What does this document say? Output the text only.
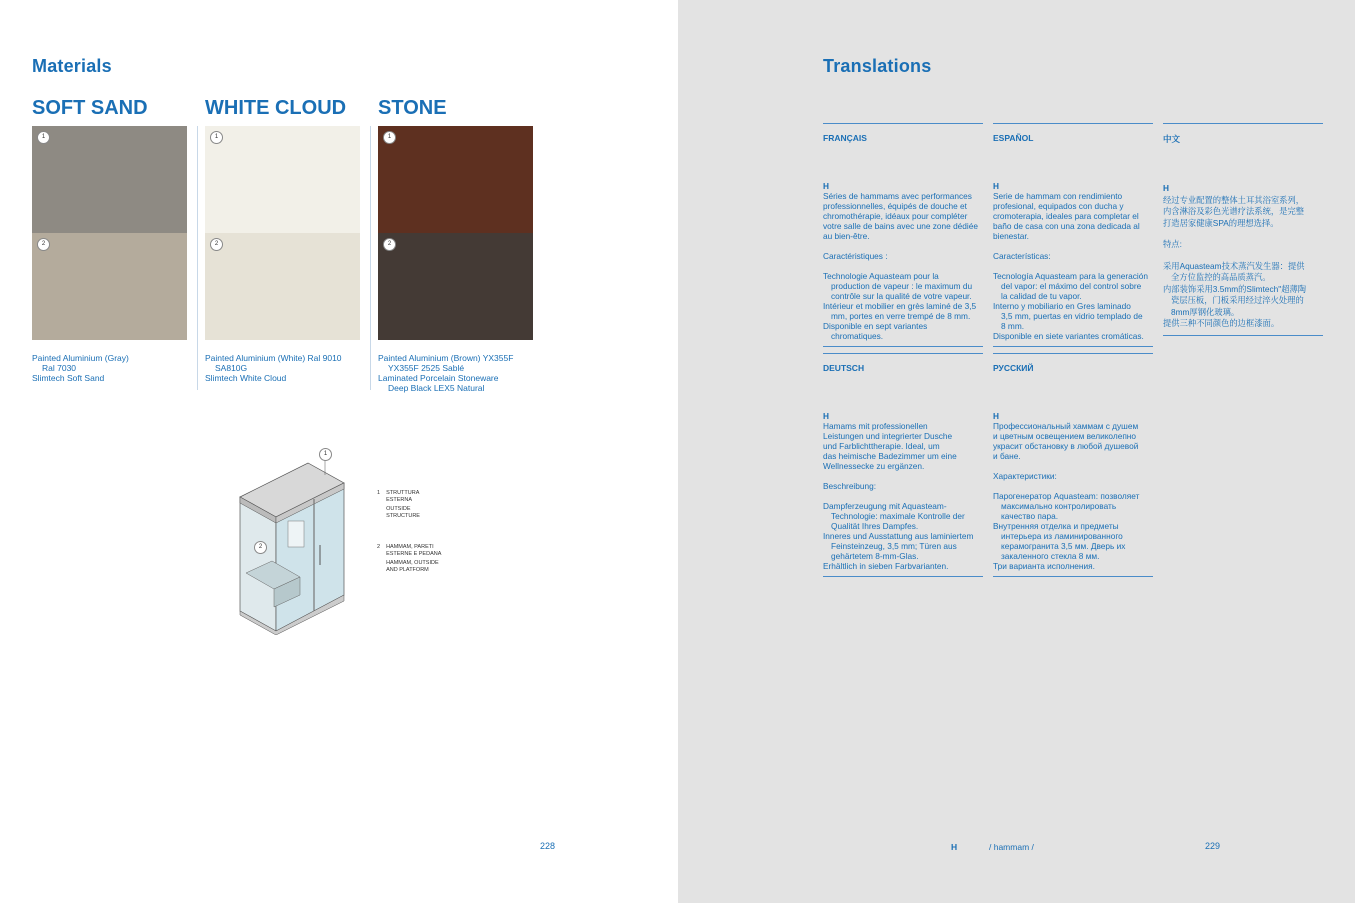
Materials
SOFT SAND
1
2
Painted Aluminium (Gray)
Ral 7030
Slimtech Soft Sand
WHITE CLOUD
1
2
Painted Aluminium (White) Ral 9010
SA810G
Slimtech White Cloud
STONE
1
2
Painted Aluminium (Brown) YX355F
YX355F 2525 Sablé
Laminated Porcelain Stoneware
Deep Black LEX5 Natural
1
2
1 STRUTTURA ESTERNA
OUTSIDE STRUCTURE
2 HAMMAM, PARETI ESTERNE E PEDANA
HAMMAM, OUTSIDE AND PLATFORM
228
Translations
FRANÇAIS

H

Séries de hammams avec performances

professionnelles, équipés de douche et

chromothérapie, idéaux pour compléter

votre salle de bains avec une zone dédiée

au bien-être.

Caractéristiques :

Technologie Aquasteam pour la

production de vapeur : le maximum du

contrôle sur la qualité de votre vapeur.

Intérieur et mobilier en grès laminé de 3,5

mm, portes en verre trempé de 8 mm.

Disponible en sept variantes

chromatiques.

ESPAÑOL

H

Serie de hammam con rendimiento

profesional, equipados con ducha y

cromoterapia, ideales para completar el

baño de casa con una zona dedicada al

bienestar.

Características:

Tecnología Aquasteam para la generación

del vapor: el máximo del control sobre

la calidad de tu vapor.

Interno y mobiliario en Gres laminado

3,5 mm, puertas en vidrio templado de

8 mm.

Disponible en siete variantes cromáticas.

中文

H

经过专业配置的整体土耳其浴室系列，

内含淋浴及彩色光谱疗法系统，是完整

打造居家健康SPA的理想选择。

特点:

采用Aquasteam技术蒸汽发生器：提供

全方位监控的高品质蒸汽。

内部装饰采用3.5mm的Slimtech"超薄陶

瓷层压板，门板采用经过淬火处理的

8mm厚钢化玻璃。

提供三种不同颜色的边框漆面。

DEUTSCH

H

Hamams mit professionellen

Leistungen und integrierter Dusche

und Farblichttherapie. Ideal, um

das heimische Badezimmer um eine

Wellnessecke zu ergänzen.

Beschreibung:

Dampferzeugung mit Aquasteam-

Technologie: maximale Kontrolle der

Qualität Ihres Dampfes.

Inneres und Ausstattung aus laminiertem

Feinsteinzeug, 3,5 mm; Türen aus

gehärtetem 8-mm-Glas.

Erhältlich in sieben Farbvarianten.

РУССКИЙ

H

Профессиональный хаммам с душем

и цветным освещением великолепно

украсит обстановку в любой душевой

и бане.

Характеристики:

Парогенератор Aquasteam: позволяет

максимально контролировать

качество пара.

Внутренняя отделка и предметы

интерьера из ламинированного

керамогранита 3,5 мм. Дверь их

закаленного стекла 8 мм.

Три варианта исполнения.

H	/ hammam /	229
